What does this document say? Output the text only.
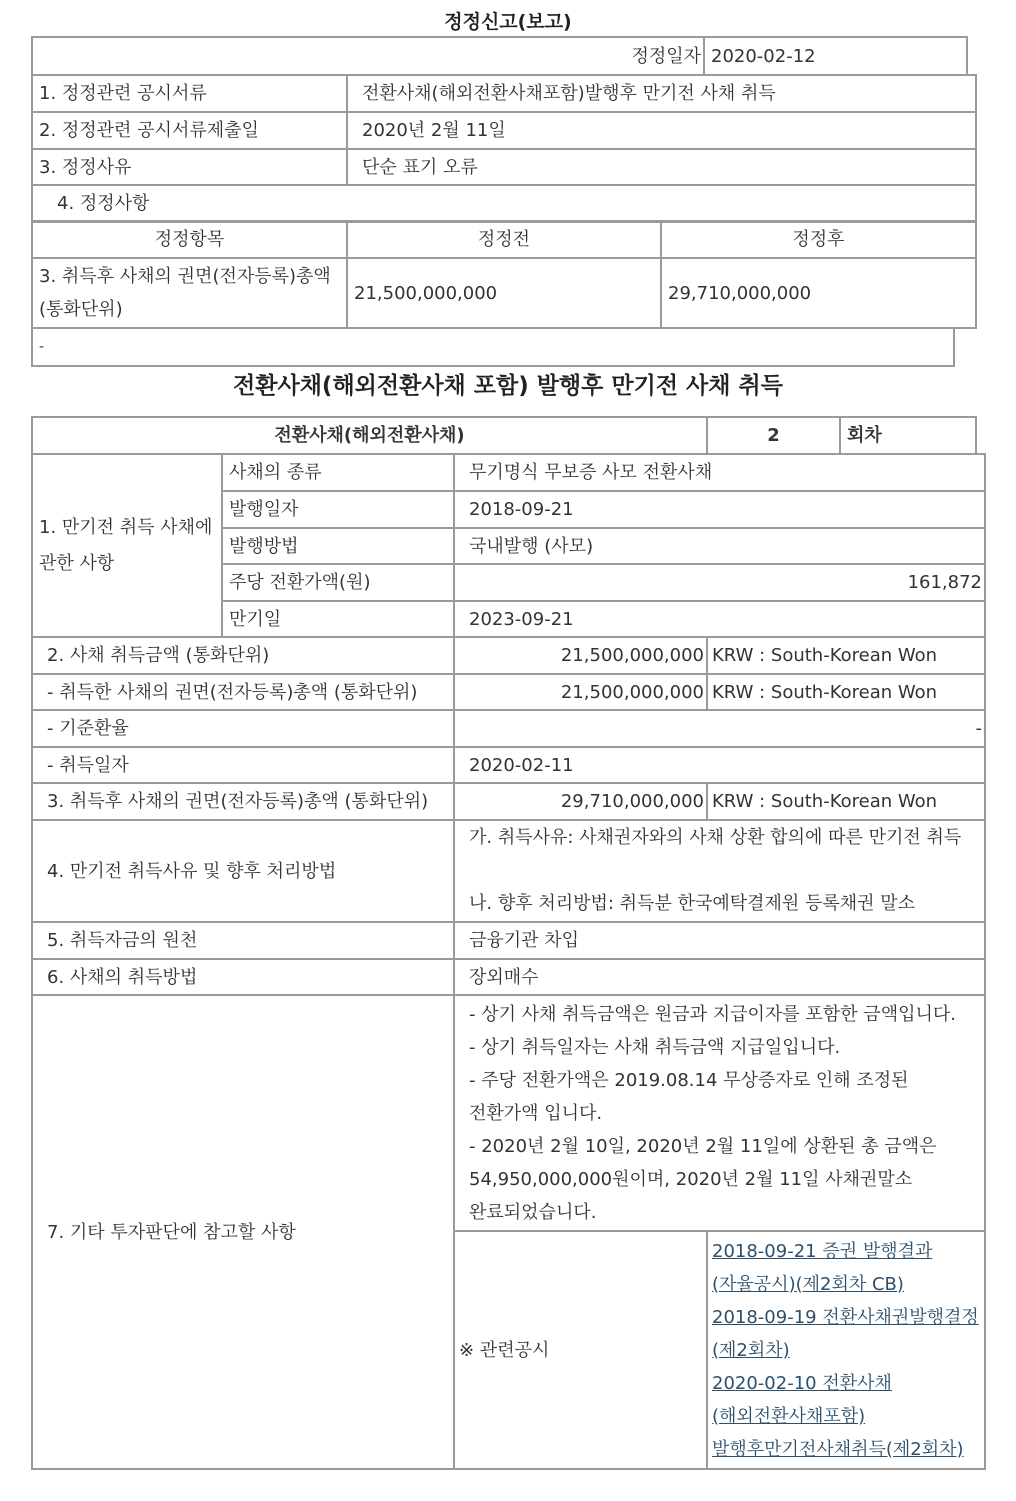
정정신고(보고)
정정일자	2020-02-12
1. 정정관련 공시서류	전환사채(해외전환사채포함)발행후 만기전 사채 취득
2. 정정관련 공시서류제출일	2020년 2월 11일
3. 정정사유	단순 표기 오류
4. 정정사항	
정정항목	정정전	정정후

3. 취득후 사채의 권면(전자등록)총액
(통화단위)	21,500,000,000	29,710,000,000
-
전환사채(해외전환사채 포함) 발행후 만기전 사채 취득
전환사채(해외전환사채)	2	회차
1. 만기전 취득 사채에 관한 사항	사채의 종류	무기명식 무보증 사모 전환사채	
	발행일자	2018-09-21	
	발행방법	국내발행 (사모)	
	주당 전환가액(원)	161,872	
	만기일	2023-09-21	
2. 사채 취득금액 (통화단위)		21,500,000,000	KRW : South-Korean Won
- 취득한 사채의 권면(전자등록)총액 (통화단위)		21,500,000,000	KRW : South-Korean Won
- 기준환율		-	
- 취득일자		2020-02-11	
3. 취득후 사채의 권면(전자등록)총액 (통화단위)		29,710,000,000	KRW : South-Korean Won
4. 만기전 취득사유 및 향후 처리방법		가. 취득사유: 사채권자와의 사채 상환 합의에 따른 만기전 취득
나. 향후 처리방법: 취득분 한국예탁결제원 등록채권 말소	

5. 취득자금의 원천		금융기관 차입	
6. 사채의 취득방법		장외매수	
7. 기타 투자판단에 참고할 사항		- 상기 사채 취득금액은 원금과 지급이자를 포함한 금액입니다.
- 상기 취득일자는 사채 취득금액 지급일입니다.
- 주당 전환가액은 2019.08.14 무상증자로 인해 조정된 전환가액 입니다.
- 2020년 2월 10일, 2020년 2월 11일에 상환된 총 금액은 54,950,000,000원이며, 2020년 2월 11일 사채권말소 완료되었습니다.	

		※ 관련공시	2018-09-21 증권 발행결과(자율공시)(제2회차 CB)
2018-09-19 전환사채권발행결정(제2회차)
2020-02-10 전환사채(해외전환사채포함)발행후만기전사채취득(제2회차)
